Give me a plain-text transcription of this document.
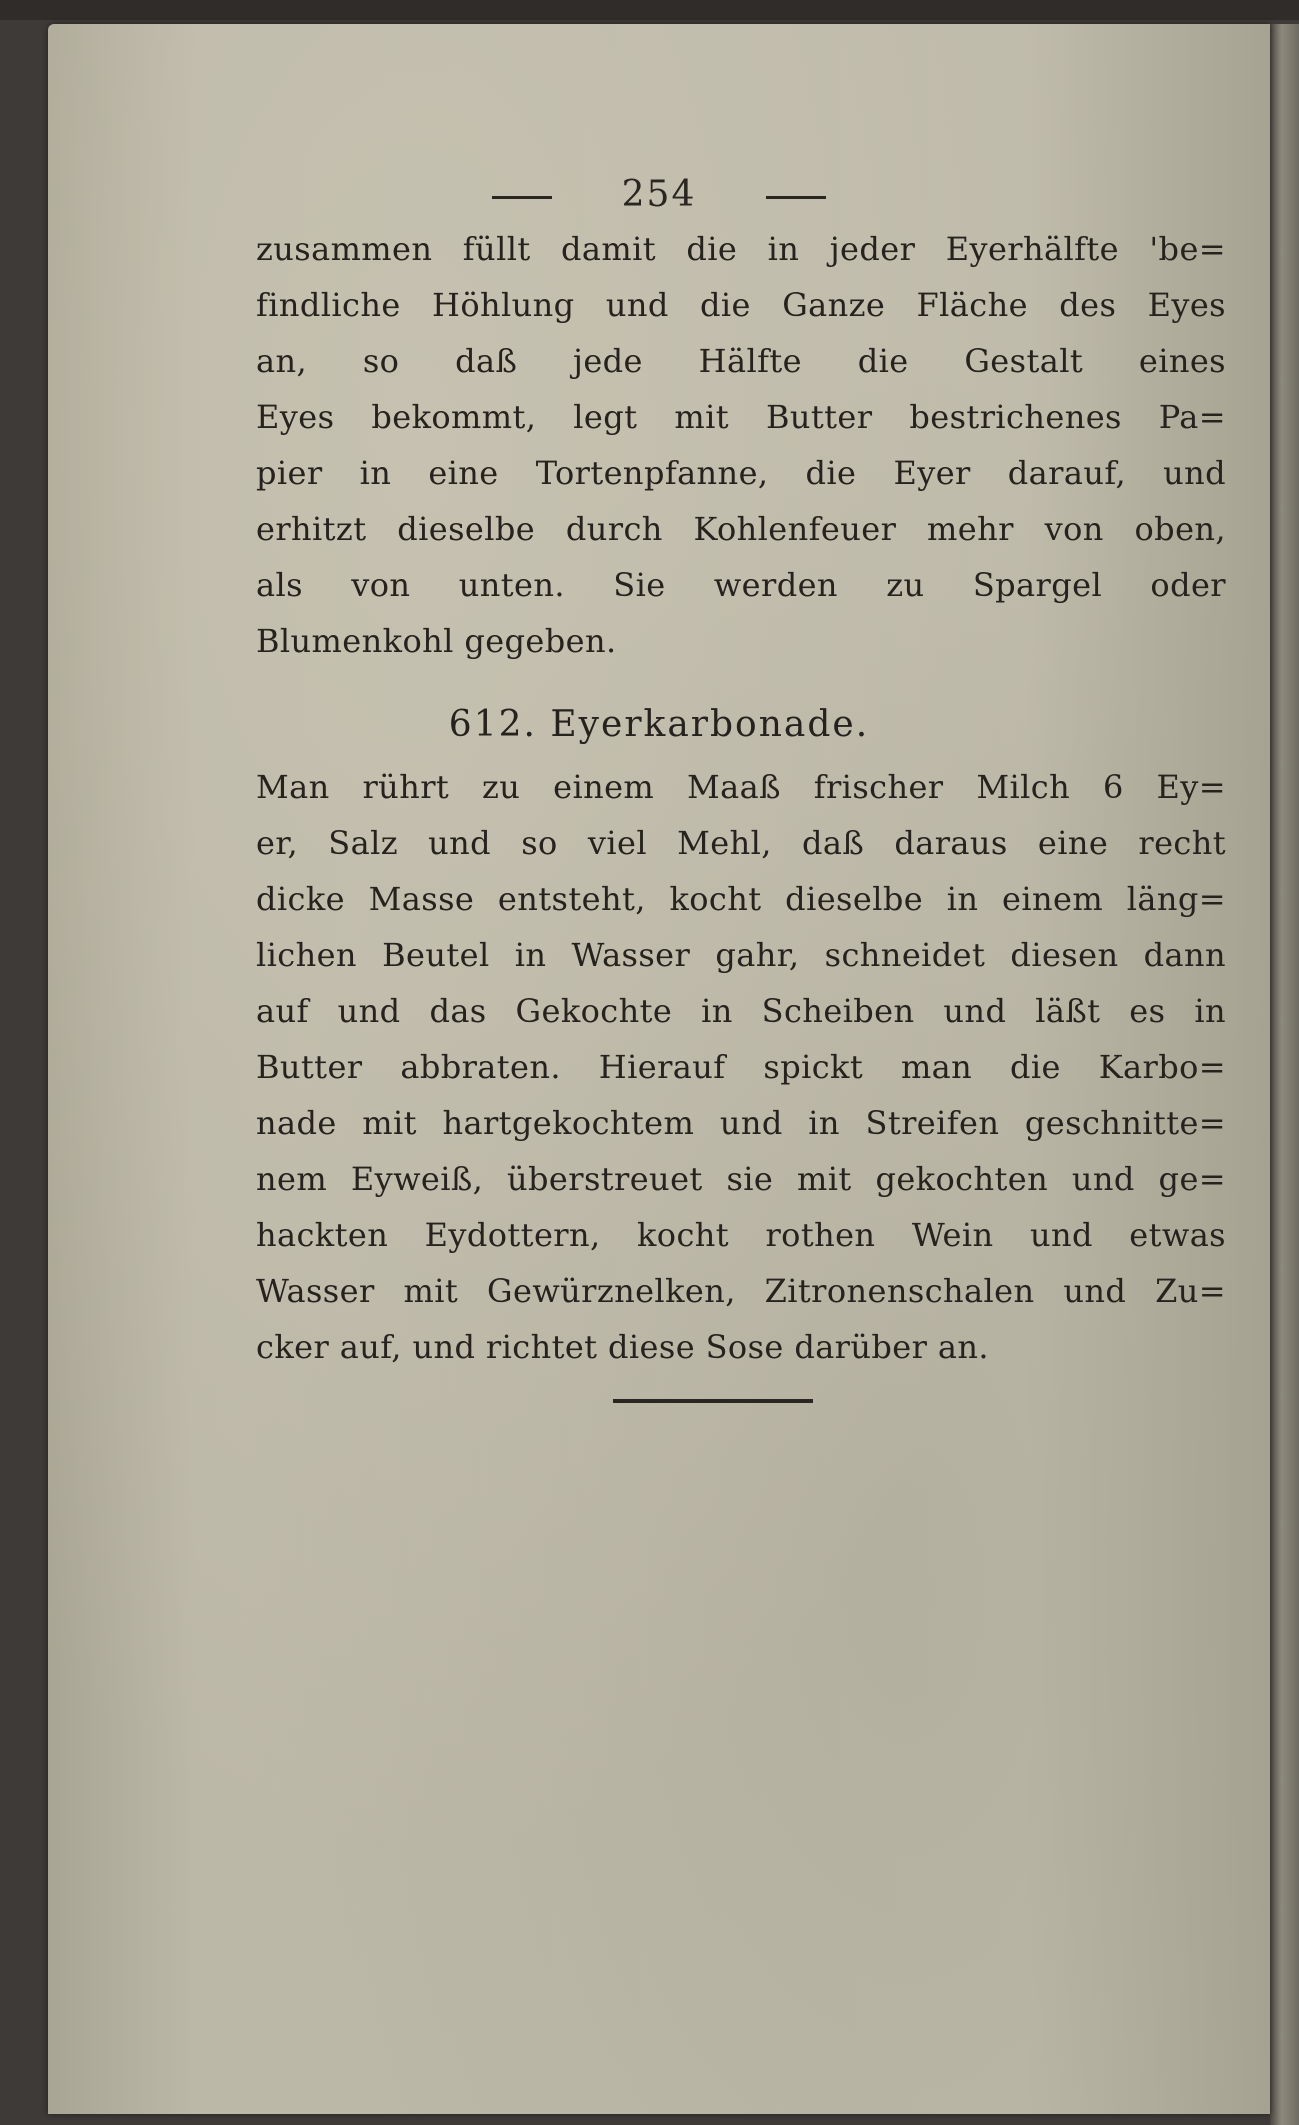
254
zusammen füllt damit die in jeder Eyerhälfte 'be=
findliche Höhlung und die Ganze Fläche des Eyes
an, so daß jede Hälfte die Gestalt eines
Eyes bekommt, legt mit Butter bestrichenes Pa=
pier in eine Tortenpfanne, die Eyer darauf, und
erhitzt dieselbe durch Kohlenfeuer mehr von oben,
als von unten. Sie werden zu Spargel oder
Blumenkohl gegeben.
612. Eyerkarbonade.
Man rührt zu einem Maaß frischer Milch 6 Ey=
er, Salz und so viel Mehl, daß daraus eine recht
dicke Masse entsteht, kocht dieselbe in einem läng=
lichen Beutel in Wasser gahr, schneidet diesen dann
auf und das Gekochte in Scheiben und läßt es in
Butter abbraten. Hierauf spickt man die Karbo=
nade mit hartgekochtem und in Streifen geschnitte=
nem Eyweiß, überstreuet sie mit gekochten und ge=
hackten Eydottern, kocht rothen Wein und etwas
Wasser mit Gewürznelken, Zitronenschalen und Zu=
cker auf, und richtet diese Sose darüber an.
